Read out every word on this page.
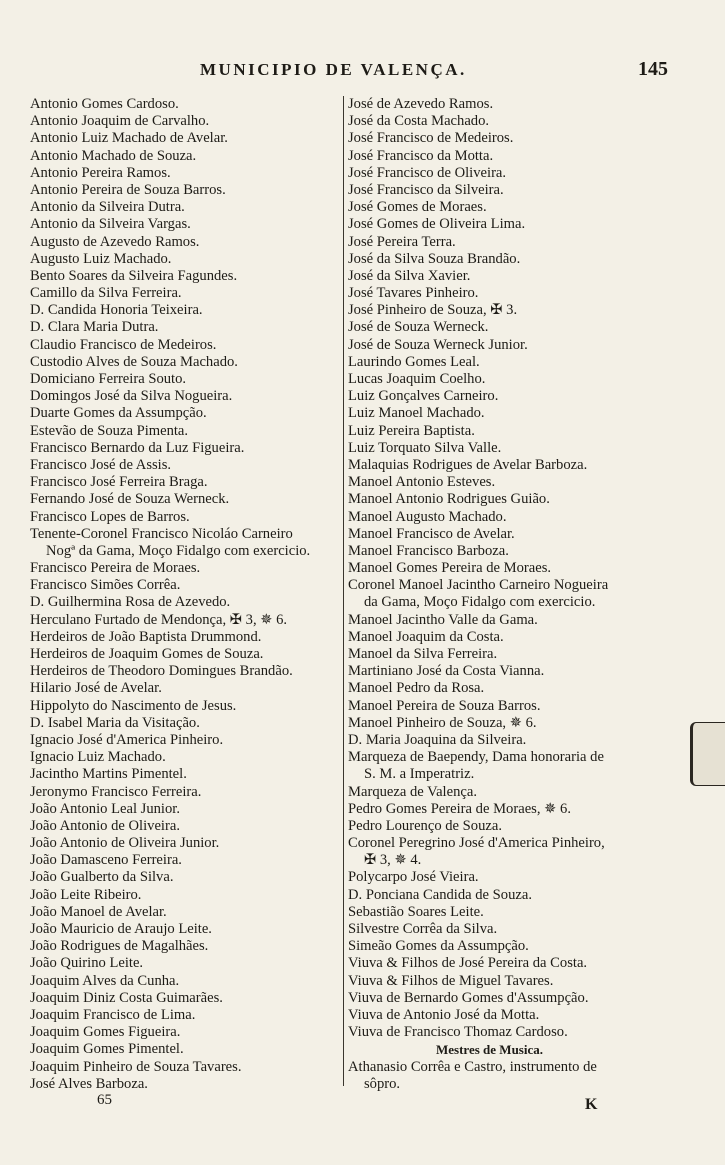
MUNICIPIO DE VALENÇA.	145
Antonio Gomes Cardoso.
Antonio Joaquim de Carvalho.
Antonio Luiz Machado de Avelar.
Antonio Machado de Souza.
Antonio Pereira Ramos.
Antonio Pereira de Souza Barros.
Antonio da Silveira Dutra.
Antonio da Silveira Vargas.
Augusto de Azevedo Ramos.
Augusto Luiz Machado.
Bento Soares da Silveira Fagundes.
Camillo da Silva Ferreira.
D. Candida Honoria Teixeira.
D. Clara Maria Dutra.
Claudio Francisco de Medeiros.
Custodio Alves de Souza Machado.
Domiciano Ferreira Souto.
Domingos José da Silva Nogueira.
Duarte Gomes da Assumpção.
Estevão de Souza Pimenta.
Francisco Bernardo da Luz Figueira.
Francisco José de Assis.
Francisco José Ferreira Braga.
Fernando José de Souza Werneck.
Francisco Lopes de Barros.
Tenente-Coronel Francisco Nicoláo Carneiro
Nogª da Gama, Moço Fidalgo com exercicio.
Francisco Pereira de Moraes.
Francisco Simões Corrêa.
D. Guilhermina Rosa de Azevedo.
Herculano Furtado de Mendonça, ✠ 3, ✵ 6.
Herdeiros de João Baptista Drummond.
Herdeiros de Joaquim Gomes de Souza.
Herdeiros de Theodoro Domingues Brandão.
Hilario José de Avelar.
Hippolyto do Nascimento de Jesus.
D. Isabel Maria da Visitação.
Ignacio José d'America Pinheiro.
Ignacio Luiz Machado.
Jacintho Martins Pimentel.
Jeronymo Francisco Ferreira.
João Antonio Leal Junior.
João Antonio de Oliveira.
João Antonio de Oliveira Junior.
João Damasceno Ferreira.
João Gualberto da Silva.
João Leite Ribeiro.
João Manoel de Avelar.
João Mauricio de Araujo Leite.
João Rodrigues de Magalhães.
João Quirino Leite.
Joaquim Alves da Cunha.
Joaquim Diniz Costa Guimarães.
Joaquim Francisco de Lima.
Joaquim Gomes Figueira.
Joaquim Gomes Pimentel.
Joaquim Pinheiro de Souza Tavares.
José Alves Barboza.
José de Azevedo Ramos.
José da Costa Machado.
José Francisco de Medeiros.
José Francisco da Motta.
José Francisco de Oliveira.
José Francisco da Silveira.
José Gomes de Moraes.
José Gomes de Oliveira Lima.
José Pereira Terra.
José da Silva Souza Brandão.
José da Silva Xavier.
José Tavares Pinheiro.
José Pinheiro de Souza, ✠ 3.
José de Souza Werneck.
José de Souza Werneck Junior.
Laurindo Gomes Leal.
Lucas Joaquim Coelho.
Luiz Gonçalves Carneiro.
Luiz Manoel Machado.
Luiz Pereira Baptista.
Luiz Torquato Silva Valle.
Malaquias Rodrigues de Avelar Barboza.
Manoel Antonio Esteves.
Manoel Antonio Rodrigues Guião.
Manoel Augusto Machado.
Manoel Francisco de Avelar.
Manoel Francisco Barboza.
Manoel Gomes Pereira de Moraes.
Coronel Manoel Jacintho Carneiro Nogueira
da Gama, Moço Fidalgo com exercicio.
Manoel Jacintho Valle da Gama.
Manoel Joaquim da Costa.
Manoel da Silva Ferreira.
Martiniano José da Costa Vianna.
Manoel Pedro da Rosa.
Manoel Pereira de Souza Barros.
Manoel Pinheiro de Souza, ✵ 6.
D. Maria Joaquina da Silveira.
Marqueza de Baependy, Dama honoraria de
S. M. a Imperatriz.
Marqueza de Valença.
Pedro Gomes Pereira de Moraes, ✵ 6.
Pedro Lourenço de Souza.
Coronel Peregrino José d'America Pinheiro,
✠ 3, ✵ 4.
Polycarpo José Vieira.
D. Ponciana Candida de Souza.
Sebastião Soares Leite.
Silvestre Corrêa da Silva.
Simeão Gomes da Assumpção.
Viuva & Filhos de José Pereira da Costa.
Viuva & Filhos de Miguel Tavares.
Viuva de Bernardo Gomes d'Assumpção.
Viuva de Antonio José da Motta.
Viuva de Francisco Thomaz Cardoso.
Mestres de Musica.
Athanasio Corrêa e Castro, instrumento de
sôpro.
65	K
